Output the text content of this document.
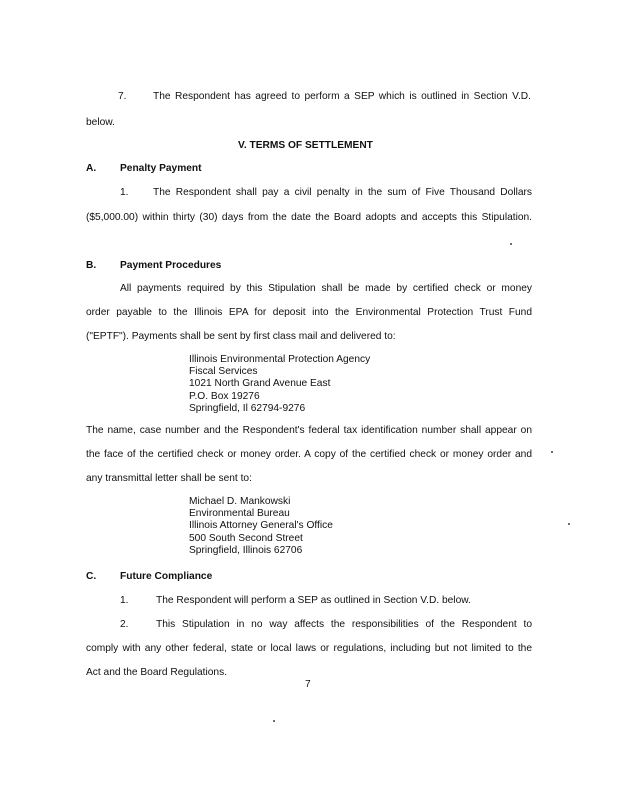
7.	The Respondent has agreed to perform a SEP which is outlined in Section V.D.
below.
V. TERMS OF SETTLEMENT
A. Penalty Payment
1. The Respondent shall pay a civil penalty in the sum of Five Thousand Dollars
($5,000.00) within thirty (30) days from the date the Board adopts and accepts this Stipulation.
B. Payment Procedures
All payments required by this Stipulation shall be made by certified check or money
order payable to the Illinois EPA for deposit into the Environmental Protection Trust Fund
("EPTF"). Payments shall be sent by first class mail and delivered to:
Illinois Environmental Protection Agency
Fiscal Services
1021 North Grand Avenue East
P.O. Box 19276
Springfield, Il 62794-9276
The name, case number and the Respondent's federal tax identification number shall appear on
the face of the certified check or money order. A copy of the certified check or money order and
any transmittal letter shall be sent to:
Michael D. Mankowski
Environmental Bureau
Illinois Attorney General's Office
500 South Second Street
Springfield, Illinois 62706
C. Future Compliance
1.	The Respondent will perform a SEP as outlined in Section V.D. below.
2.	This Stipulation in no way affects the responsibilities of the Respondent to
comply with any other federal, state or local laws or regulations, including but not limited to the
Act and the Board Regulations.
7
